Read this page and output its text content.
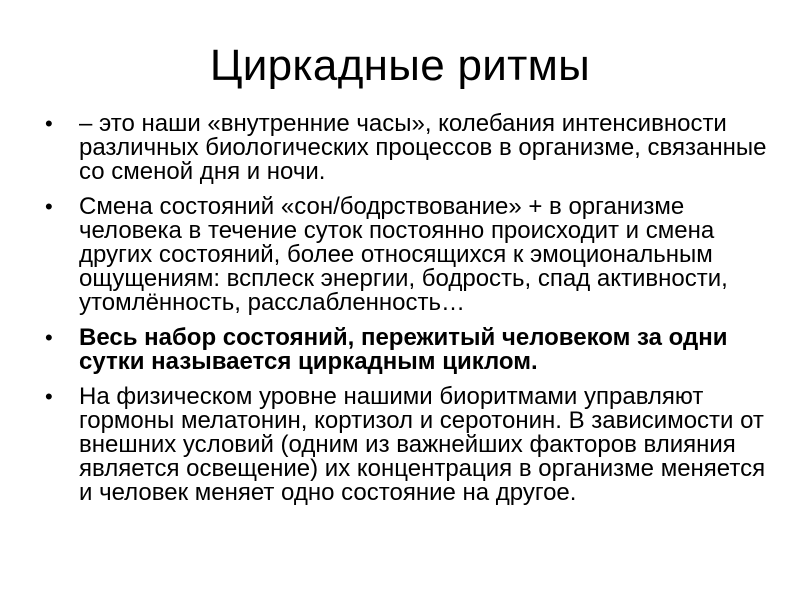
Циркадные ритмы
• – это наши «внутренние часы», колебания интенсивности различных биологических процессов в организме, связанные со сменой дня и ночи.
• Смена состояний «сон/бодрствование» + в организме человека в течение суток постоянно происходит и смена других состояний, более относящихся к эмоциональным ощущениям: всплеск энергии, бодрость, спад активности, утомлённость, расслабленность…
• Весь набор состояний, пережитый человеком за одни сутки называется циркадным циклом.
• На физическом уровне нашими биоритмами управляют гормоны мелатонин, кортизол и серотонин. В зависимости от внешних условий (одним из важнейших факторов влияния является освещение) их концентрация в организме меняется и человек меняет одно состояние на другое.
